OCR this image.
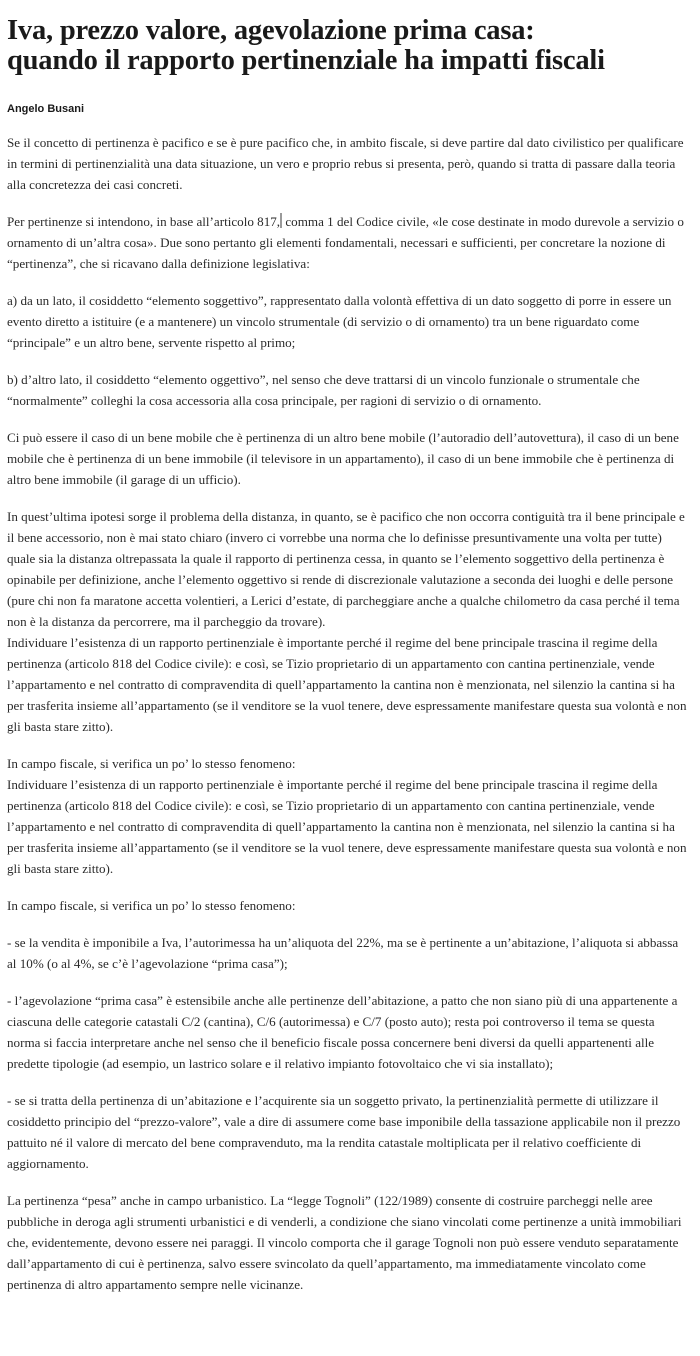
Iva, prezzo valore, agevolazione prima casa:
quando il rapporto pertinenziale ha impatti fiscali
Angelo Busani

Se il concetto di pertinenza è pacifico e se è pure pacifico che, in ambito fiscale, si deve partire dal dato civilistico per qualificare in termini di pertinenzialità una data situazione, un vero e proprio rebus si presenta, però, quando si tratta di passare dalla teoria alla concretezza dei casi concreti.

Per pertinenze si intendono, in base all’articolo 817, comma 1 del Codice civile, «le cose destinate in modo durevole a servizio o ornamento di un’altra cosa». Due sono pertanto gli elementi fondamentali, necessari e sufficienti, per concretare la nozione di “pertinenza”, che si ricavano dalla definizione legislativa:

a) da un lato, il cosiddetto “elemento soggettivo”, rappresentato dalla volontà effettiva di un dato soggetto di porre in essere un evento diretto a istituire (e a mantenere) un vincolo strumentale (di servizio o di ornamento) tra un bene riguardato come “principale” e un altro bene, servente rispetto al primo;

b) d’altro lato, il cosiddetto “elemento oggettivo”, nel senso che deve trattarsi di un vincolo funzionale o strumentale che “normalmente” colleghi la cosa accessoria alla cosa principale, per ragioni di servizio o di ornamento.

Ci può essere il caso di un bene mobile che è pertinenza di un altro bene mobile (l’autoradio dell’autovettura), il caso di un bene mobile che è pertinenza di un bene immobile (il televisore in un appartamento), il caso di un bene immobile che è pertinenza di altro bene immobile (il garage di un ufficio).

In quest’ultima ipotesi sorge il problema della distanza, in quanto, se è pacifico che non occorra contiguità tra il bene principale e il bene accessorio, non è mai stato chiaro (invero ci vorrebbe una norma che lo definisse presuntivamente una volta per tutte) quale sia la distanza oltrepassata la quale il rapporto di pertinenza cessa, in quanto se l’elemento soggettivo della pertinenza è opinabile per definizione, anche l’elemento oggettivo si rende di discrezionale valutazione a seconda dei luoghi e delle persone (pure chi non fa maratone accetta volentieri, a Lerici d’estate, di parcheggiare anche a qualche chilometro da casa perché il tema non è la distanza da percorrere, ma il parcheggio da trovare).

Individuare l’esistenza di un rapporto pertinenziale è importante perché il regime del bene principale trascina il regime della pertinenza (articolo 818 del Codice civile): e così, se Tizio proprietario di un appartamento con cantina pertinenziale, vende l’appartamento e nel contratto di compravendita di quell’appartamento la cantina non è menzionata, nel silenzio la cantina si ha per trasferita insieme all’appartamento (se il venditore se la vuol tenere, deve espressamente manifestare questa sua volontà e non gli basta stare zitto).

In campo fiscale, si verifica un po’ lo stesso fenomeno:

Individuare l’esistenza di un rapporto pertinenziale è importante perché il regime del bene principale trascina il regime della pertinenza (articolo 818 del Codice civile): e così, se Tizio proprietario di un appartamento con cantina pertinenziale, vende l’appartamento e nel contratto di compravendita di quell’appartamento la cantina non è menzionata, nel silenzio la cantina si ha per trasferita insieme all’appartamento (se il venditore se la vuol tenere, deve espressamente manifestare questa sua volontà e non gli basta stare zitto).

In campo fiscale, si verifica un po’ lo stesso fenomeno:

- se la vendita è imponibile a Iva, l’autorimessa ha un’aliquota del 22%, ma se è pertinente a un’abitazione, l’aliquota si abbassa al 10% (o al 4%, se c’è l’agevolazione “prima casa”);

- l’agevolazione “prima casa” è estensibile anche alle pertinenze dell’abitazione, a patto che non siano più di una appartenente a ciascuna delle categorie catastali C/2 (cantina), C/6 (autorimessa) e C/7 (posto auto); resta poi controverso il tema se questa norma si faccia interpretare anche nel senso che il beneficio fiscale possa concernere beni diversi da quelli appartenenti alle predette tipologie (ad esempio, un lastrico solare e il relativo impianto fotovoltaico che vi sia installato);

- se si tratta della pertinenza di un’abitazione e l’acquirente sia un soggetto privato, la pertinenzialità permette di utilizzare il cosiddetto principio del “prezzo-valore”, vale a dire di assumere come base imponibile della tassazione applicabile non il prezzo pattuito né il valore di mercato del bene compravenduto, ma la rendita catastale moltiplicata per il relativo coefficiente di aggiornamento.

La pertinenza “pesa” anche in campo urbanistico. La “legge Tognoli” (122/1989) consente di costruire parcheggi nelle aree pubbliche in deroga agli strumenti urbanistici e di venderli, a condizione che siano vincolati come pertinenze a unità immobiliari che, evidentemente, devono essere nei paraggi. Il vincolo comporta che il garage Tognoli non può essere venduto separatamente dall’appartamento di cui è pertinenza, salvo essere svincolato da quell’appartamento, ma immediatamente vincolato come pertinenza di altro appartamento sempre nelle vicinanze.
